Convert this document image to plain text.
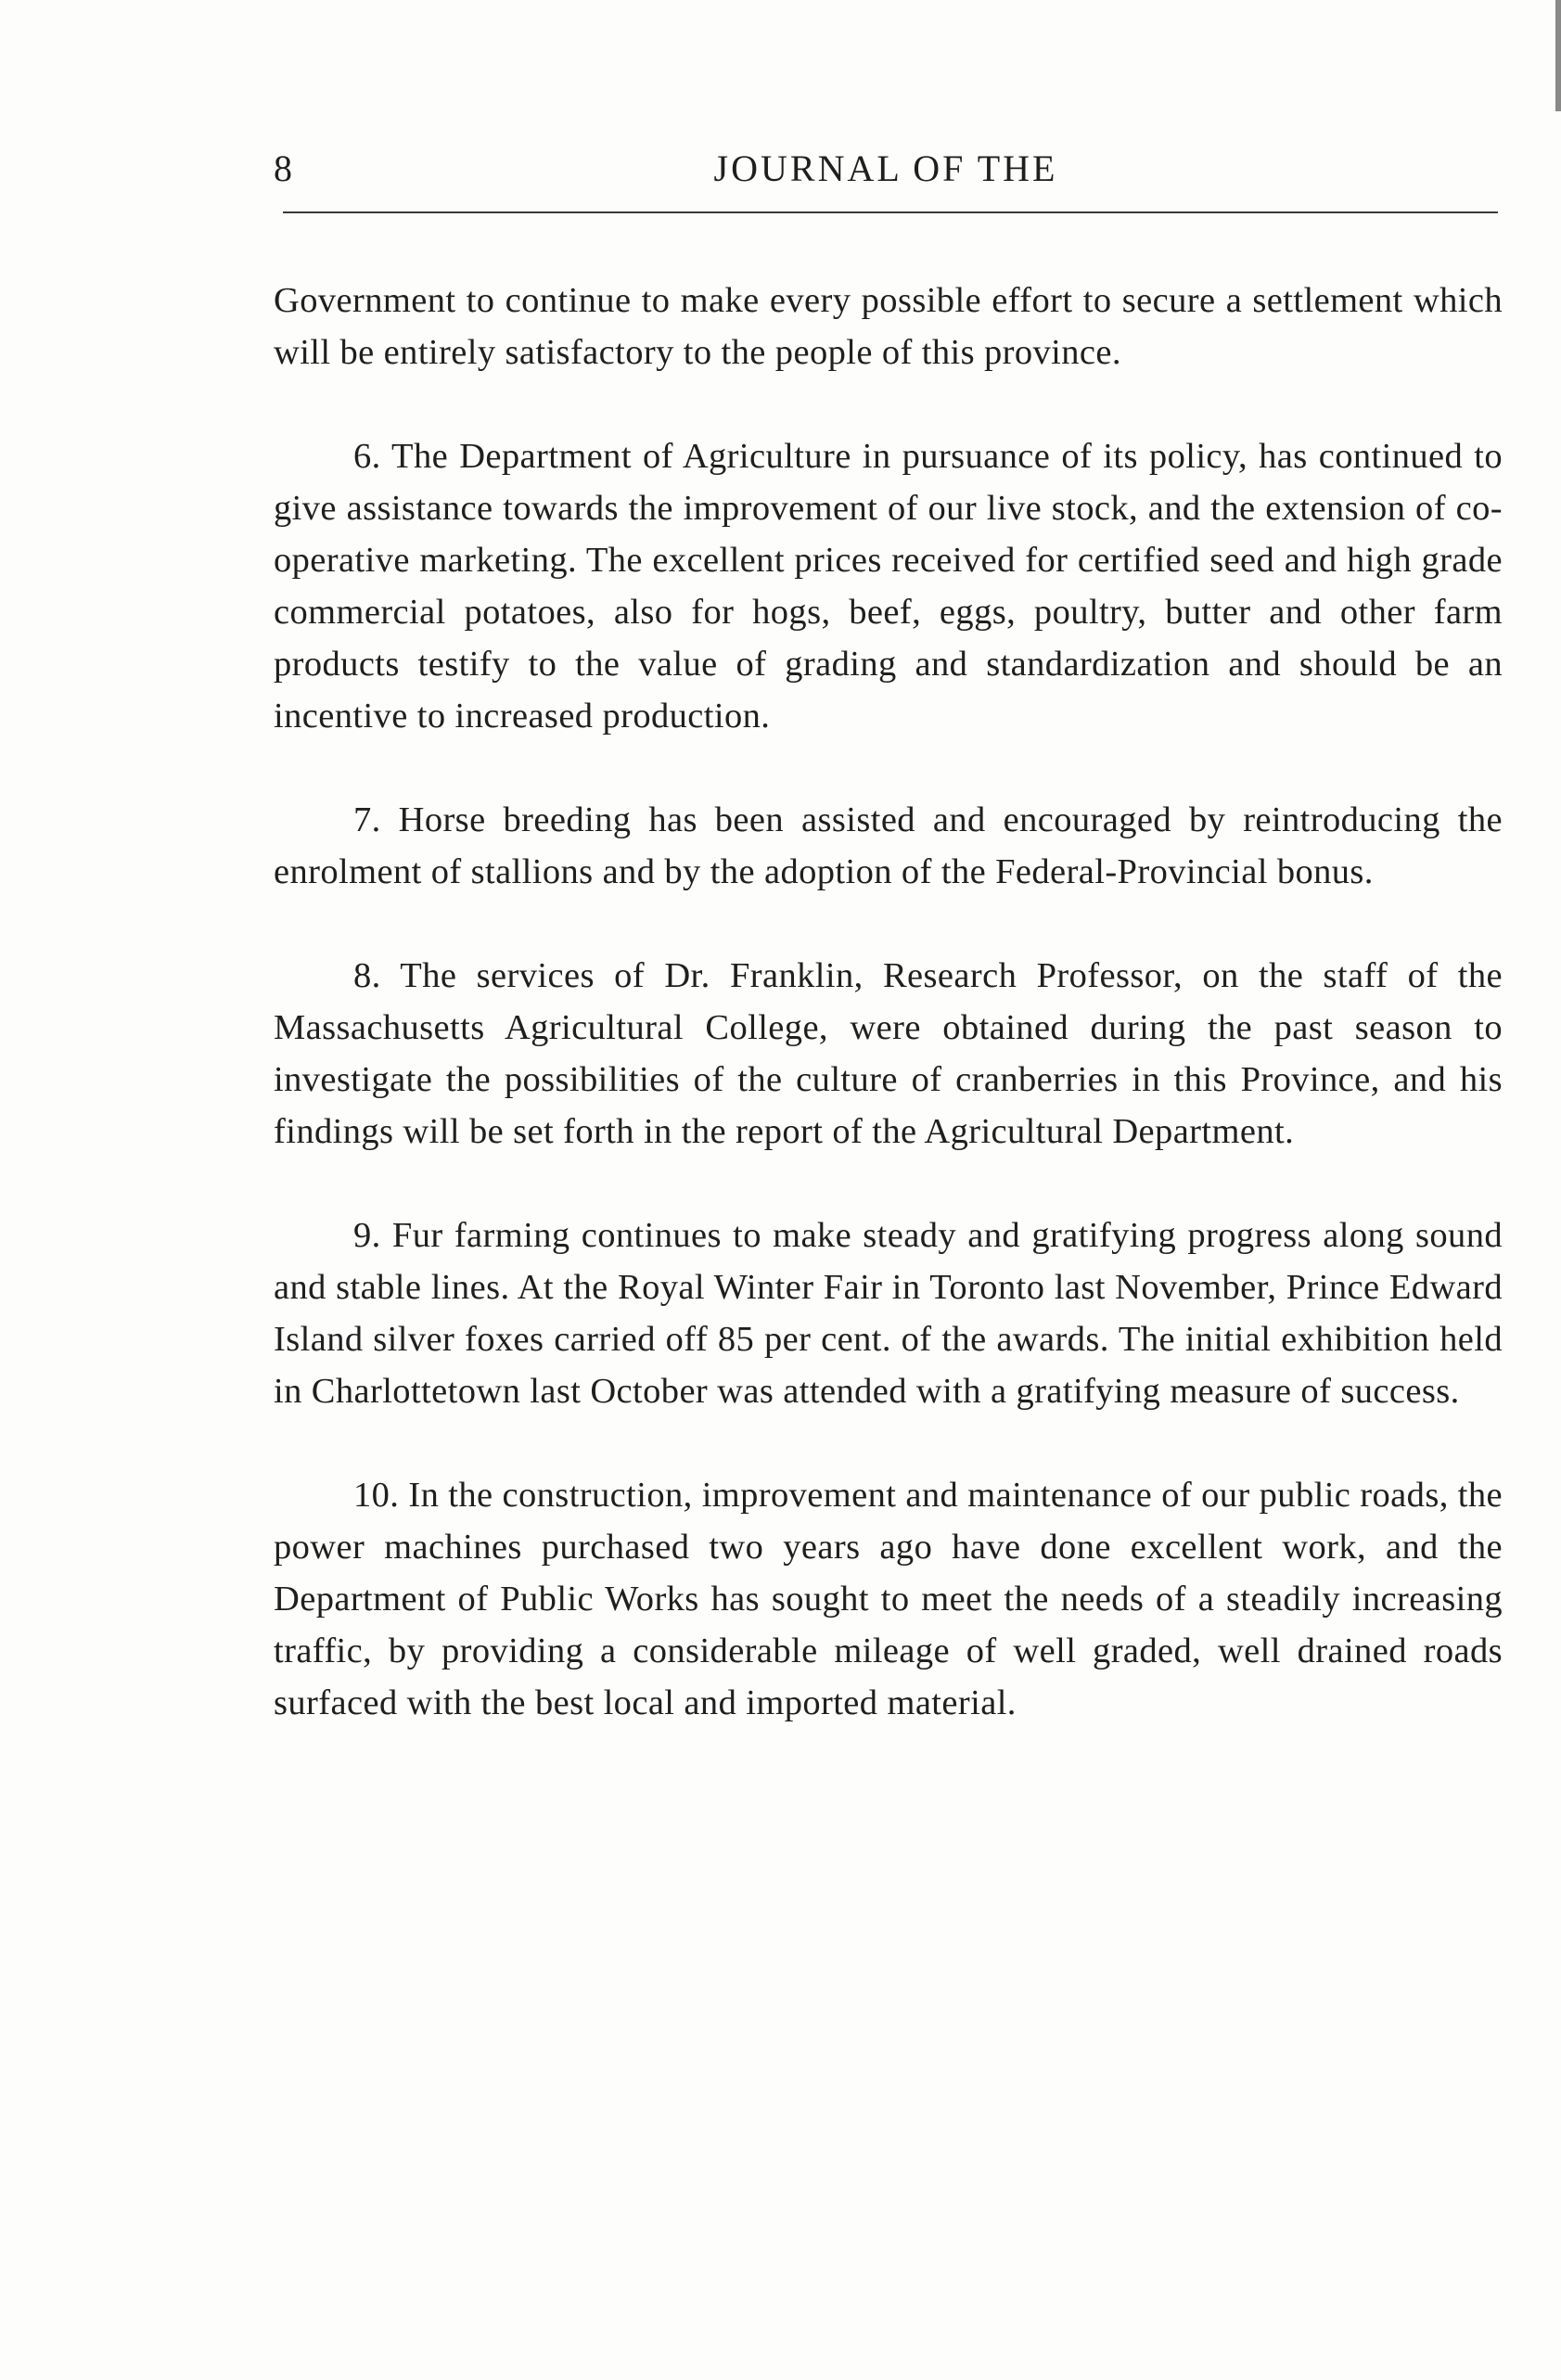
8	JOURNAL OF THE

Government to continue to make every possible effort to secure a settlement which will be entirely satisfactory to the people of this province.

6. The Department of Agriculture in pursuance of its policy, has continued to give assistance towards the improvement of our live stock, and the extension of co-operative marketing. The excellent prices received for certified seed and high grade commercial potatoes, also for hogs, beef, eggs, poultry, butter and other farm products testify to the value of grading and standardization and should be an incentive to increased production.

7. Horse breeding has been assisted and encouraged by reintroducing the enrolment of stallions and by the adoption of the Federal-Provincial bonus.

8. The services of Dr. Franklin, Research Professor, on the staff of the Massachusetts Agricultural College, were obtained during the past season to investigate the possibilities of the culture of cranberries in this Province, and his findings will be set forth in the report of the Agricultural Department.

9. Fur farming continues to make steady and gratifying progress along sound and stable lines. At the Royal Winter Fair in Toronto last November, Prince Edward Island silver foxes carried off 85 per cent. of the awards. The initial exhibition held in Charlottetown last October was attended with a gratifying measure of success.

10. In the construction, improvement and maintenance of our public roads, the power machines purchased two years ago have done excellent work, and the Department of Public Works has sought to meet the needs of a steadily increasing traffic, by providing a considerable mileage of well graded, well drained roads surfaced with the best local and imported material.
